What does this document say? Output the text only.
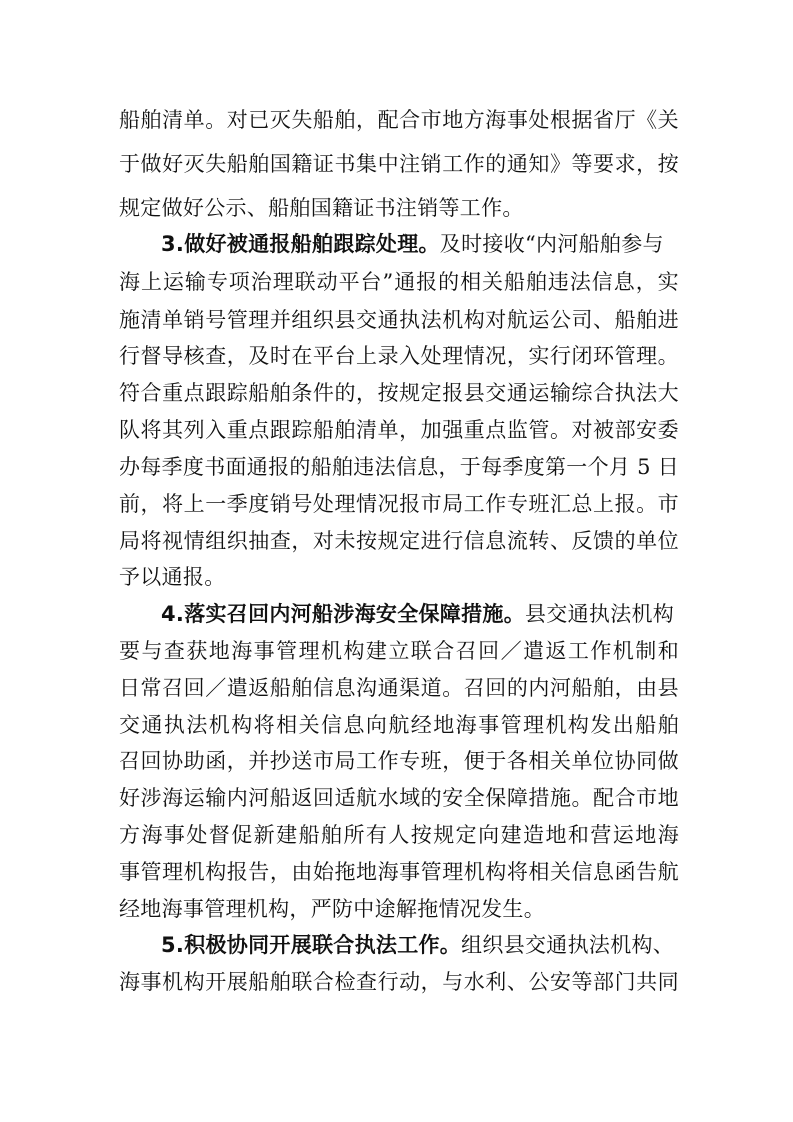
船舶清单。对已灭失船舶，配合市地方海事处根据省厅《关
于做好灭失船舶国籍证书集中注销工作的通知》等要求，按
规定做好公示、船舶国籍证书注销等工作。
3.做好被通报船舶跟踪处理。及时接收“内河船舶参与
海上运输专项治理联动平台”通报的相关船舶违法信息，实
施清单销号管理并组织县交通执法机构对航运公司、船舶进
行督导核查，及时在平台上录入处理情况，实行闭环管理。
符合重点跟踪船舶条件的，按规定报县交通运输综合执法大
队将其列入重点跟踪船舶清单，加强重点监管。对被部安委
办每季度书面通报的船舶违法信息，于每季度第一个月 5 日
前，将上一季度销号处理情况报市局工作专班汇总上报。市
局将视情组织抽查，对未按规定进行信息流转、反馈的单位
予以通报。
4.落实召回内河船涉海安全保障措施。县交通执法机构
要与查获地海事管理机构建立联合召回／遣返工作机制和
日常召回／遣返船舶信息沟通渠道。召回的内河船舶，由县
交通执法机构将相关信息向航经地海事管理机构发出船舶
召回协助函，并抄送市局工作专班，便于各相关单位协同做
好涉海运输内河船返回适航水域的安全保障措施。配合市地
方海事处督促新建船舶所有人按规定向建造地和营运地海
事管理机构报告，由始拖地海事管理机构将相关信息函告航
经地海事管理机构，严防中途解拖情况发生。
5.积极协同开展联合执法工作。组织县交通执法机构、
海事机构开展船舶联合检查行动，与水利、公安等部门共同
